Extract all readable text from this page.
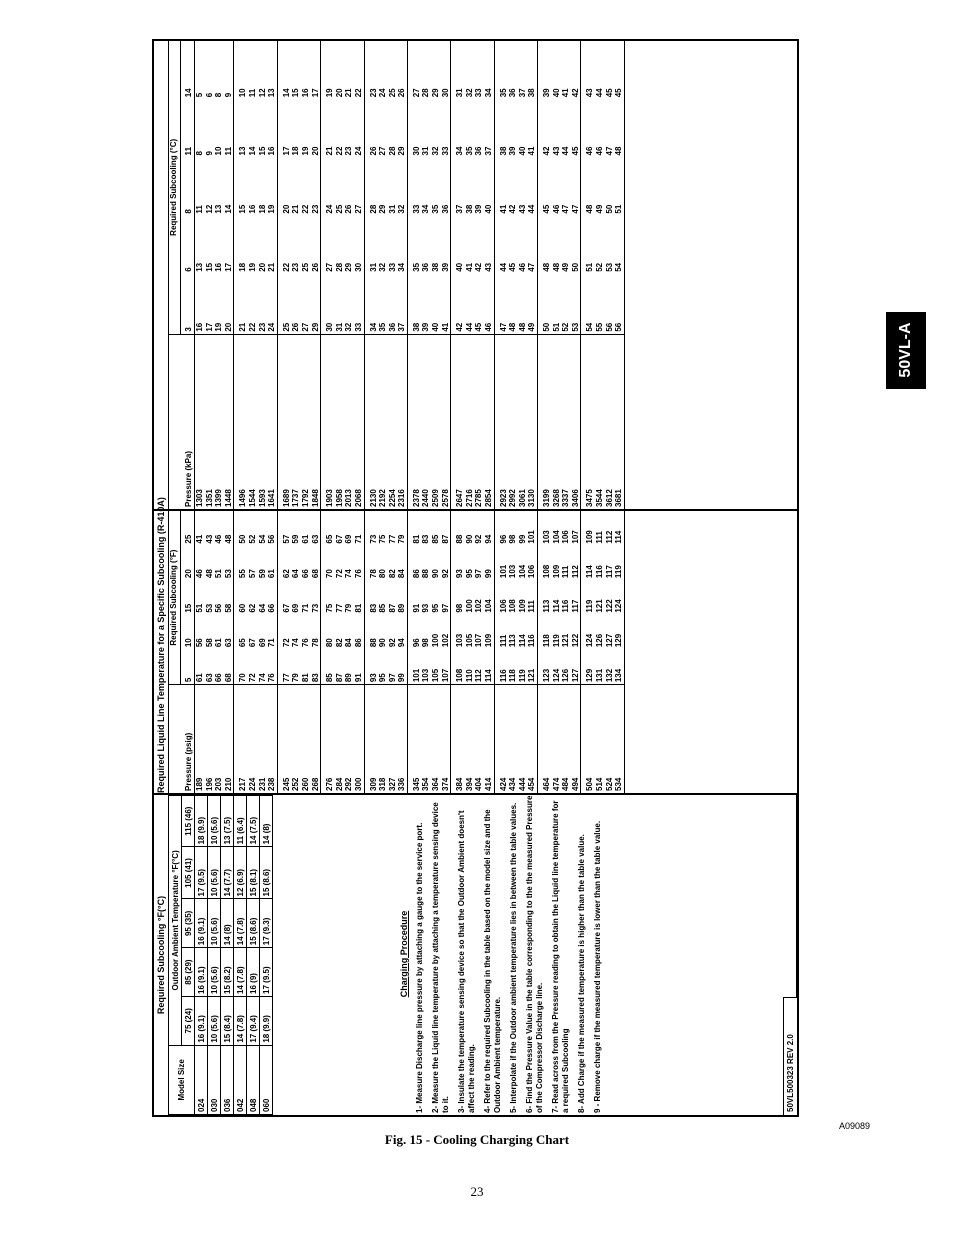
Required Subcooling °F(°C)
Model Size	Outdoor Ambient Temperature °F(°C)				
	75 (24)	85 (29)	95 (35)	105 (41)	115 (46)
024	16 (9.1)	16 (9.1)	16 (9.1)	17 (9.5)	18 (9.9)
030	10 (5.6)	10 (5.6)	10 (5.6)	10 (5.6)	10 (5.6)
036	15 (8.4)	15 (8.2)	14 (8)	14 (7.7)	13 (7.5)
042	14 (7.8)	14 (7.8)	14 (7.8)	12 (6.9)	11 (6.4)
048	17 (9.4)	16 (9)	15 (8.6)	15 (8.1)	14 (7.5)
060	18 (9.9)	17 (9.5)	17 (9.3)	15 (8.6)	14 (8)
Charging Procedure 1- Measure Discharge line pressure by attaching a gauge to the service port. 2- Measure the Liquid line temperature by attaching a temperature sensing device to it. 3- Insulate the temperature sensing device so that the Outdoor Ambient doesn't affect the reading. 4- Refer to the required Subcooling in the table based on the model size and the Outdoor Ambient temperature. 5- Interpolate if the Outdoor ambient temperature lies in between the table values. 6- Find the Pressure Value in the table corresponding to the the measured Pressure of the Compressor Discharge line. 7- Read across from the Pressure reading to obtain the Liquid line temperature for a required Subcooling 8- Add Charge if the measured temperature is higher than the table value. 9 - Remove charge if the measured temperature is lower than the table value.	50VL500323 REV 2.0
Required Liquid Line Temperature for a Specific Subcooling (R-410A)
	Required Subcooling (°F)				
Pressure (psig)	5	10	15	20	25
189	61	56	51	46	41
196	63	58	53	48	43
203	66	61	56	51	46
210	68	63	58	53	48

217	70	65	60	55	50
224	72	67	62	57	52
231	74	69	64	59	54
238	76	71	66	61	56

245	77	72	67	62	57
252	79	74	69	64	59
260	81	76	71	66	61
268	83	78	73	68	63

276	85	80	75	70	65
284	87	82	77	72	67
292	89	84	79	74	69
300	91	86	81	76	71

309	93	88	83	78	73
318	95	90	85	80	75
327	97	92	87	82	77
336	99	94	89	84	79

345	101	96	91	86	81
354	103	98	93	88	83
364	105	100	95	90	85
374	107	102	97	92	87

384	108	103	98	93	88
394	110	105	100	95	90
404	112	107	102	97	92
414	114	109	104	99	94

424	116	111	106	101	96
434	118	113	108	103	98
444	119	114	109	104	99
454	121	116	111	106	101

464	123	118	113	108	103
474	124	119	114	109	104
484	126	121	116	111	106
494	127	122	117	112	107

504	129	124	119	114	109
514	131	126	121	116	111
524	132	127	122	117	112
534	134	129	124	119	114
	Required Subcooling (°C)				
Pressure (kPa)	3	6	8	11	14
1303	16	13	11	8	5
1351	17	15	12	9	6
1399	19	16	13	10	8
1448	20	17	14	11	9

1496	21	18	15	13	10
1544	22	19	16	14	11
1593	23	20	18	15	12
1641	24	21	19	16	13

1689	25	22	20	17	14
1737	26	23	21	18	15
1792	27	25	22	19	16
1848	29	26	23	20	17

1903	30	27	24	21	19
1958	31	28	25	22	20
2013	32	29	26	23	21
2068	33	30	27	24	22

2130	34	31	28	26	23
2192	35	32	29	27	24
2254	36	33	31	28	25
2316	37	34	32	29	26

2378	38	35	33	30	27
2440	39	36	34	31	28
2509	40	38	35	32	29
2578	41	39	36	33	30

2647	42	40	37	34	31
2716	44	41	38	35	32
2785	45	42	39	36	33
2854	46	43	40	37	34

2923	47	44	41	38	35
2992	48	45	42	39	36
3061	48	46	43	40	37
3130	49	47	44	41	38

3199	50	48	45	42	39
3268	51	48	46	43	40
3337	52	49	47	44	41
3406	53	50	47	45	42

3475	54	51	48	46	43
3544	55	52	49	46	44
3612	56	53	50	47	45
3681	56	54	51	48	45
50VL-A
Fig. 15 - Cooling Charging Chart
A09089
23
